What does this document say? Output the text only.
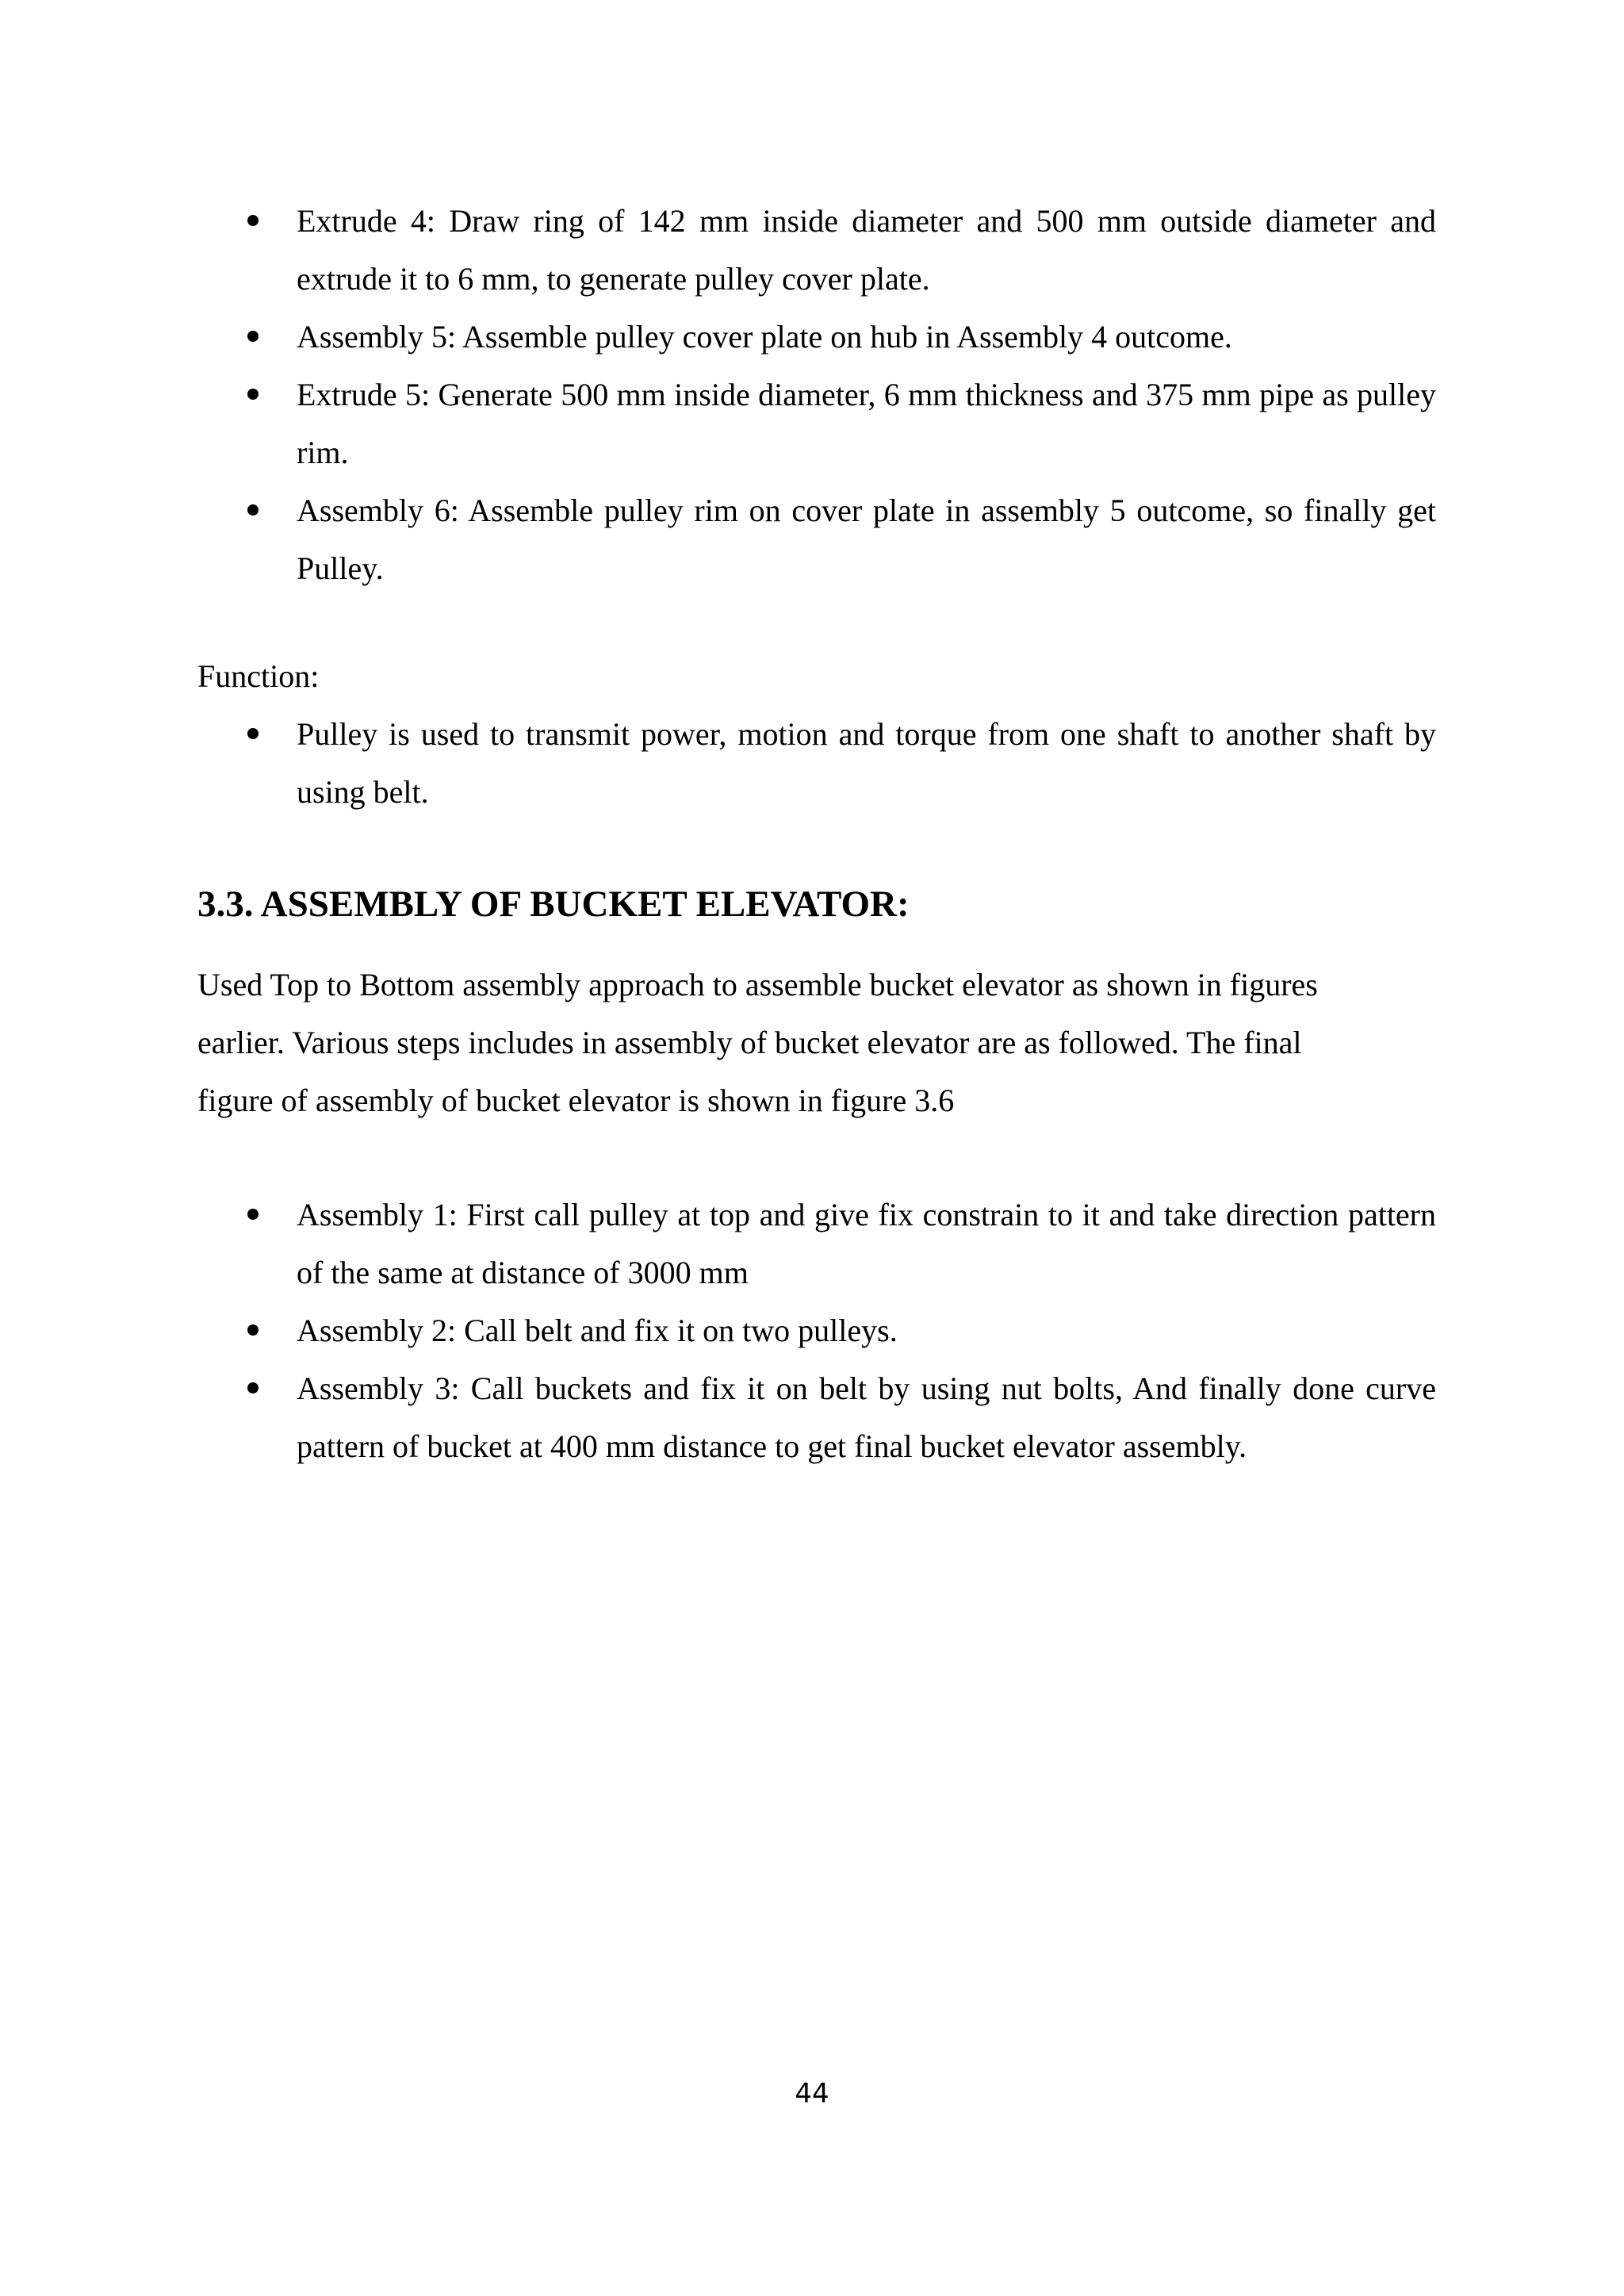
Extrude 4: Draw ring of 142 mm inside diameter and 500 mm outside diameter and extrude it to 6 mm, to generate pulley cover plate.
Assembly 5: Assemble pulley cover plate on hub in Assembly 4 outcome.
Extrude 5: Generate 500 mm inside diameter, 6 mm thickness and 375 mm pipe as pulley rim.
Assembly 6: Assemble pulley rim on cover plate in assembly 5 outcome, so finally get Pulley.

Function:

Pulley is used to transmit power, motion and torque from one shaft to another shaft by using belt.
3.3. ASSEMBLY OF BUCKET ELEVATOR:

Used Top to Bottom assembly approach to assemble bucket elevator as shown in figures
earlier. Various steps includes in assembly of bucket elevator are as followed. The final
figure of assembly of bucket elevator is shown in figure 3.6

Assembly 1: First call pulley at top and give fix constrain to it and take direction pattern of the same at distance of 3000 mm
Assembly 2: Call belt and fix it on two pulleys.
Assembly 3: Call buckets and fix it on belt by using nut bolts, And finally done curve pattern of bucket at 400 mm distance to get final bucket elevator assembly.
44
